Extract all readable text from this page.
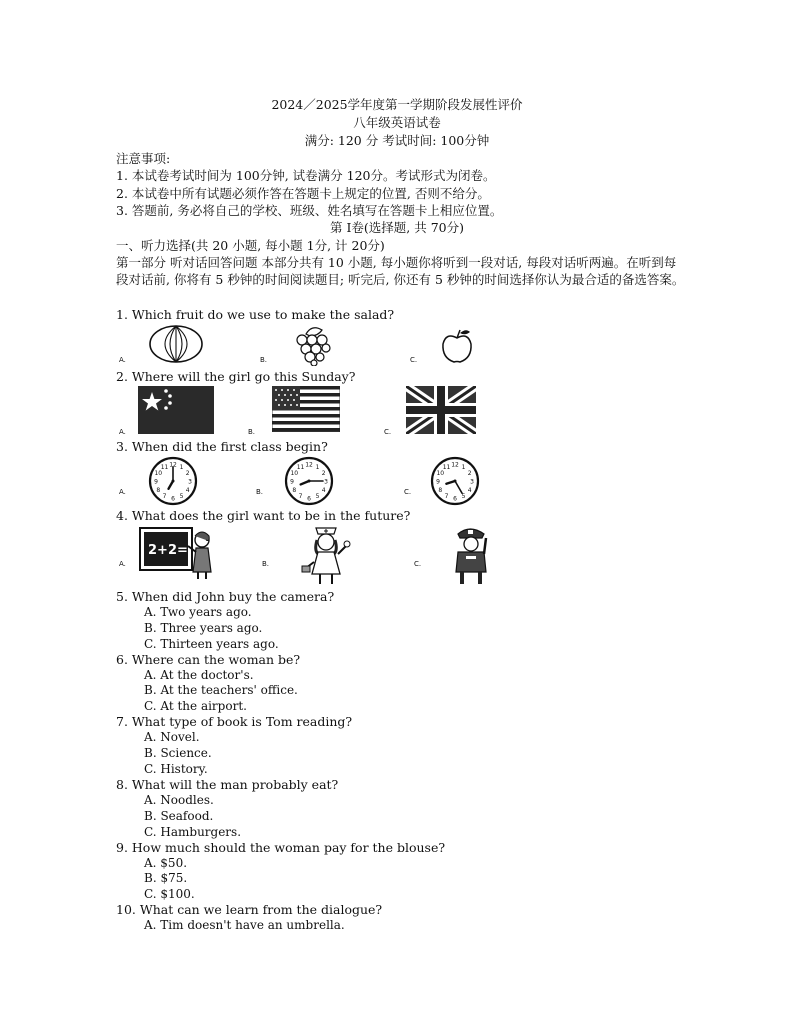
2024／2025学年度第一学期阶段发展性评价
八年级英语试卷
满分: 120 分 考试时间: 100分钟
注意事项:
1. 本试卷考试时间为 100分钟, 试卷满分 120分。考试形式为闭卷。
2. 本试卷中所有试题必须作答在答题卡上规定的位置, 否则不给分。
3. 答题前, 务必将自己的学校、班级、姓名填写在答题卡上相应位置。
第 I卷(选择题, 共 70分)
一、听力选择(共 20 小题, 每小题 1分, 计 20分)
第一部分 听对话回答问题 本部分共有 10 小题, 每小题你将听到一段对话, 每段对话听两遍。在听到每段对话前, 你将有 5 秒钟的时间阅读题目; 听完后, 你还有 5 秒钟的时间选择你认为最合适的备选答案。
1. Which fruit do we use to make the salad?
A.	B.	C.
2. Where will the girl go this Sunday?
A.	B.	C.
3. When did the first class begin?
A.
1
2
3
4
5
6
7
8
9
10
11 12
B.
1
2
3
4
5
6
7
8
9
10
11 12
C.
1
2
3
4
5
6
7
8
9
10
11 12
4. What does the girl want to be in the future?
A.
2+2=
B.	C.
5. When did John buy the camera?
A. Two years ago.
B. Three years ago.
C. Thirteen years ago.
6. Where can the woman be?
A. At the doctor's.
B. At the teachers' office.
C. At the airport.
7. What type of book is Tom reading?
A. Novel.
B. Science.
C. History.
8. What will the man probably eat?
A. Noodles.
B. Seafood.
C. Hamburgers.
9. How much should the woman pay for the blouse?
A. $50.
B. $75.
C. $100.
10. What can we learn from the dialogue?
A. Tim doesn't have an umbrella.
